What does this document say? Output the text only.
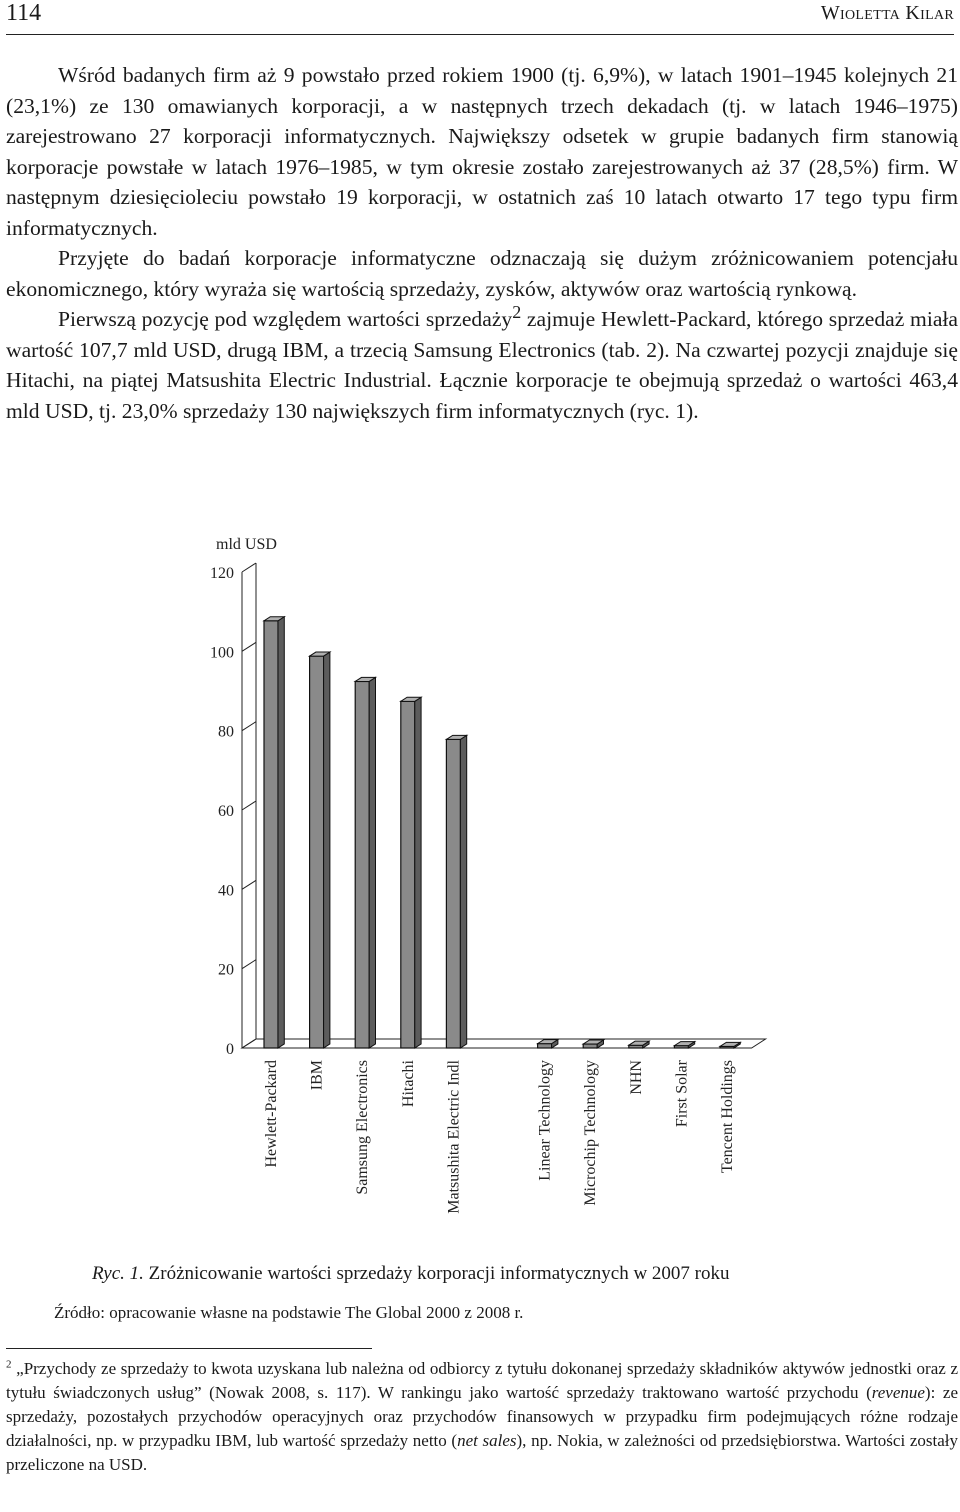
114	Wioletta Kilar

Wśród badanych firm aż 9 powstało przed rokiem 1900 (tj. 6,9%), w latach 1901–1945 kolejnych 21 (23,1%) ze 130 omawianych korporacji, a w następnych trzech dekadach (tj. w latach 1946–1975) zarejestrowano 27 korporacji informatycznych. Największy odsetek w grupie badanych firm stanowią korporacje powstałe w latach 1976–1985, w tym okresie zostało zarejestrowanych aż 37 (28,5%) firm. W następnym dziesięcioleciu powstało 19 korporacji, w ostatnich zaś 10 latach otwarto 17 tego typu firm informatycznych.

Przyjęte do badań korporacje informatyczne odznaczają się dużym zróżnicowaniem potencjału ekonomicznego, który wyraża się wartością sprzedaży, zysków, aktywów oraz wartością rynkową.

Pierwszą pozycję pod względem wartości sprzedaży$^2$ zajmuje Hewlett-Packard, którego sprzedaż miała wartość 107,7 mld USD, drugą IBM, a trzecią Samsung Electronics (tab. 2). Na czwartej pozycji znajduje się Hitachi, na piątej Matsushita Electric Industrial. Łącznie korporacje te obejmują sprzedaż o wartości 463,4 mld USD, tj. 23,0% sprzedaży 130 największych firm informatycznych (ryc. 1).

mld USD
0
20
40
60
80
100
120
Hewlett-Packard IBM Samsung Electronics Hitachi Matsushita Electric Indl	Linear Technology Microchip Technology NHN First Solar Tencent Holdings
Ryc. 1. Zróżnicowanie wartości sprzedaży korporacji informatycznych w 2007 roku
Źródło: opracowanie własne na podstawie The Global 2000 z 2008 r.
$^2$ „Przychody ze sprzedaży to kwota uzyskana lub należna od odbiorcy z tytułu dokonanej sprzedaży składników aktywów jednostki oraz z tytułu świadczonych usług” (Nowak 2008, s. 117). W rankingu jako wartość sprzedaży traktowano wartość przychodu (revenue): ze sprzedaży, pozostałych przychodów operacyjnych oraz przychodów finansowych w przypadku firm podejmujących różne rodzaje działalności, np. w przypadku IBM, lub wartość sprzedaży netto (net sales), np. Nokia, w zależności od przedsiębiorstwa. Wartości zostały przeliczone na USD.
